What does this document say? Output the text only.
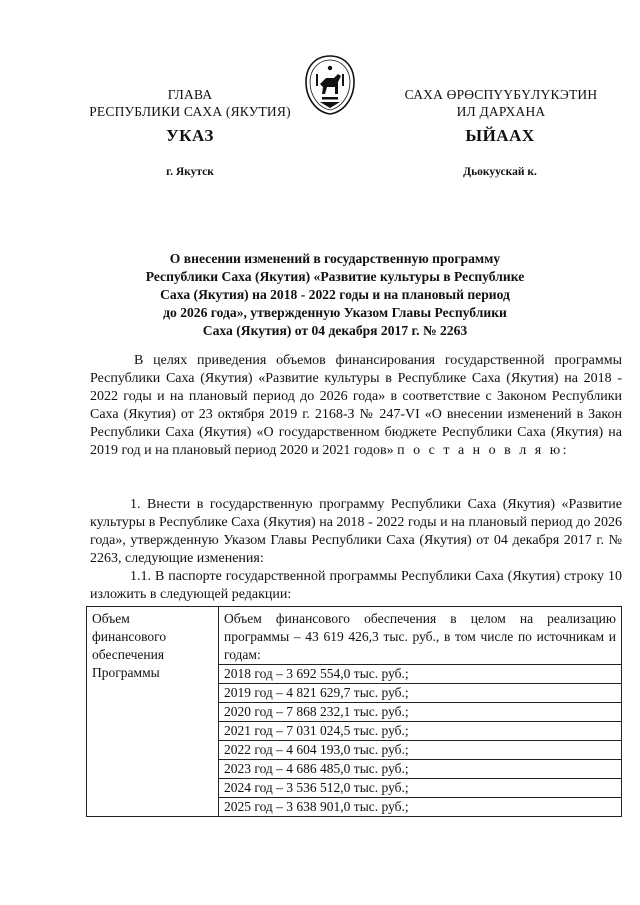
ГЛАВА
РЕСПУБЛИКИ САХА (ЯКУТИЯ)
САХА ӨРӨСПҮҮБҮЛҮКЭТИН
ИЛ ДАРХАНА
УКАЗ	ЫЙААХ
г. Якутск	Дьокуускай к.
О внесении изменений в государственную программу
Республики Саха (Якутия) «Развитие культуры в Республике
Саха (Якутия) на 2018 - 2022 годы и на плановый период
до 2026 года», утвержденную Указом Главы Республики
Саха (Якутия) от 04 декабря 2017 г. № 2263
В целях приведения объемов финансирования государственной программы Республики Саха (Якутия) «Развитие культуры в Республике Саха (Якутия) на 2018 - 2022 годы и на плановый период до 2026 года» в соответствие с Законом Республики Саха (Якутия) от 23 октября 2019 г. 2168-З № 247-VI «О внесении изменений в Закон Республики Саха (Якутия) «О государственном бюджете Республики Саха (Якутия) на 2019 год и на плановый период 2020 и 2021 годов» п о с т а н о в л я ю:
1. Внести в государственную программу Республики Саха (Якутия) «Развитие культуры в Республике Саха (Якутия) на 2018 - 2022 годы и на плановый период до 2026 года», утвержденную Указом Главы Республики Саха (Якутия) от 04 декабря 2017 г. № 2263, следующие изменения:
1.1. В паспорте государственной программы Республики Саха (Якутия) строку 10 изложить в следующей редакции:
Объем
финансового
обеспечения
Программы

Объем финансового обеспечения в целом на реализацию программы – 43 619 426,3 тыс. руб., в том числе по источникам и годам:
2018 год – 3 692 554,0 тыс. руб.;
2019 год – 4 821 629,7 тыс. руб.;
2020 год – 7 868 232,1 тыс. руб.;
2021 год – 7 031 024,5 тыс. руб.;
2022 год – 4 604 193,0 тыс. руб.;
2023 год – 4 686 485,0 тыс. руб.;
2024 год – 3 536 512,0 тыс. руб.;
2025 год – 3 638 901,0 тыс. руб.;
